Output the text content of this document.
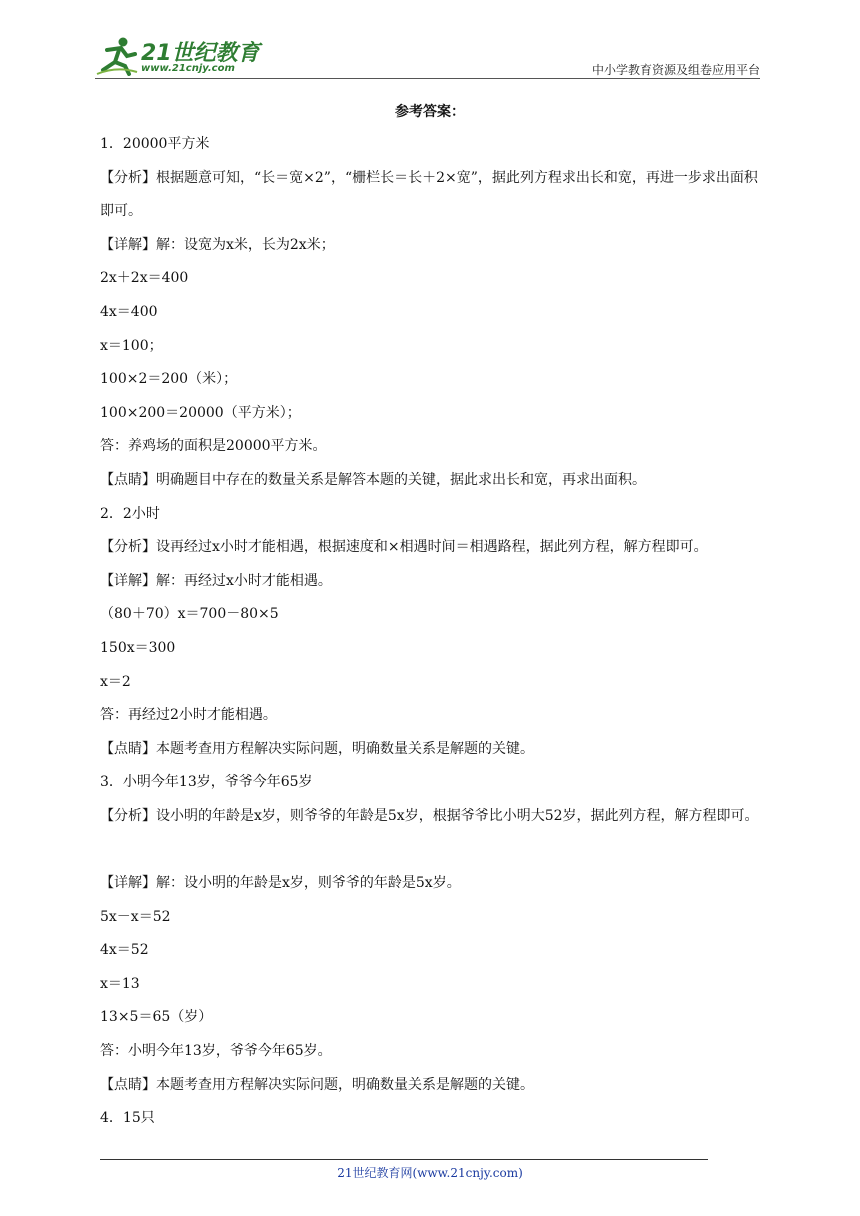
21世纪教育
www.21cnjy.com	中小学教育资源及组卷应用平台
参考答案：
1．20000平方米
【分析】根据题意可知，“长＝宽×2”，“栅栏长＝长＋2×宽”，据此列方程求出长和宽，再进一步求出面积即可。
【详解】解：设宽为x米，长为2x米；
2x＋2x＝400
4x＝400
x＝100；
100×2＝200（米）；
100×200＝20000（平方米）；
答：养鸡场的面积是20000平方米。
【点睛】明确题目中存在的数量关系是解答本题的关键，据此求出长和宽，再求出面积。
2．2小时
【分析】设再经过x小时才能相遇，根据速度和×相遇时间＝相遇路程，据此列方程，解方程即可。
【详解】解：再经过x小时才能相遇。
（80＋70）x＝700－80×5
150x＝300
x＝2
答：再经过2小时才能相遇。
【点睛】本题考查用方程解决实际问题，明确数量关系是解题的关键。
3．小明今年13岁，爷爷今年65岁
【分析】设小明的年龄是x岁，则爷爷的年龄是5x岁，根据爷爷比小明大52岁，据此列方程，解方程即可。
【详解】解：设小明的年龄是x岁，则爷爷的年龄是5x岁。
5x－x＝52
4x＝52
x＝13
13×5＝65（岁）
答：小明今年13岁，爷爷今年65岁。
【点睛】本题考查用方程解决实际问题，明确数量关系是解题的关键。
4．15只
21世纪教育网(www.21cnjy.com)
